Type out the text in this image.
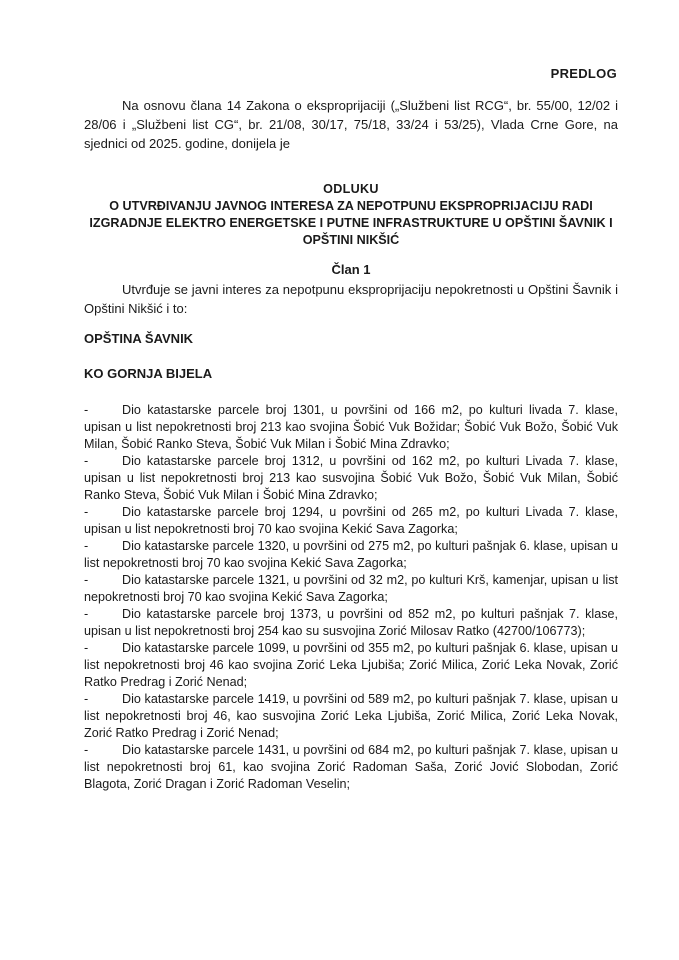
PREDLOG
Na osnovu člana 14 Zakona o eksproprijaciji („Službeni list RCG“, br. 55/00, 12/02 i 28/06 i „Službeni list CG“, br. 21/08, 30/17, 75/18, 33/24 i 53/25), Vlada Crne Gore, na sjednici od 2025. godine, donijela je
ODLUKU
O UTVRĐIVANJU JAVNOG INTERESA ZA NEPOTPUNU EKSPROPRIJACIJU RADI IZGRADNJE ELEKTRO ENERGETSKE I PUTNE INFRASTRUKTURE U OPŠTINI ŠAVNIK I OPŠTINI NIKŠIĆ
Član 1
Utvrđuje se javni interes za nepotpunu eksproprijaciju nepokretnosti u Opštini Šavnik i Opštini Nikšić i to:
OPŠTINA ŠAVNIK
KO GORNJA BIJELA
-	Dio katastarske parcele broj 1301, u površini od 166 m2, po kulturi livada 7. klase, upisan u list nepokretnosti broj 213 kao svojina Šobić Vuk Božidar; Šobić Vuk Božo, Šobić Vuk Milan, Šobić Ranko Steva, Šobić Vuk Milan i Šobić Mina Zdravko;
-	Dio katastarske parcele broj 1312, u površini od 162 m2, po kulturi Livada 7. klase, upisan u list nepokretnosti broj 213 kao susvojina Šobić Vuk Božo, Šobić Vuk Milan, Šobić Ranko Steva, Šobić Vuk Milan i Šobić Mina Zdravko;
-	Dio katastarske parcele broj 1294, u površini od 265 m2, po kulturi Livada 7. klase, upisan u list nepokretnosti broj 70 kao svojina Kekić Sava Zagorka;
-	Dio katastarske parcele 1320, u površini od 275 m2, po kulturi pašnjak 6. klase, upisan u list nepokretnosti broj 70 kao svojina Kekić Sava Zagorka;
-	Dio katastarske parcele 1321, u površini od 32 m2, po kulturi Krš, kamenjar, upisan u list nepokretnosti broj 70 kao svojina Kekić Sava Zagorka;
-	Dio katastarske parcele broj 1373, u površini od 852 m2, po kulturi pašnjak 7. klase, upisan u list nepokretnosti broj 254 kao su susvojina Zorić Milosav Ratko (42700/106773);
-	Dio katastarske parcele 1099, u površini od 355 m2, po kulturi pašnjak 6. klase, upisan u list nepokretnosti broj 46 kao svojina Zorić Leka Ljubiša; Zorić Milica, Zorić Leka Novak, Zorić Ratko Predrag i Zorić Nenad;
-	Dio katastarske parcele 1419, u površini od 589 m2, po kulturi pašnjak 7. klase, upisan u list nepokretnosti broj 46, kao susvojina Zorić Leka Ljubiša, Zorić Milica, Zorić Leka Novak, Zorić Ratko Predrag i Zorić Nenad;
-	Dio katastarske parcele 1431, u površini od 684 m2, po kulturi pašnjak 7. klase, upisan u list nepokretnosti broj 61, kao svojina Zorić Radoman Saša, Zorić Jović Slobodan, Zorić Blagota, Zorić Dragan i Zorić Radoman Veselin;
